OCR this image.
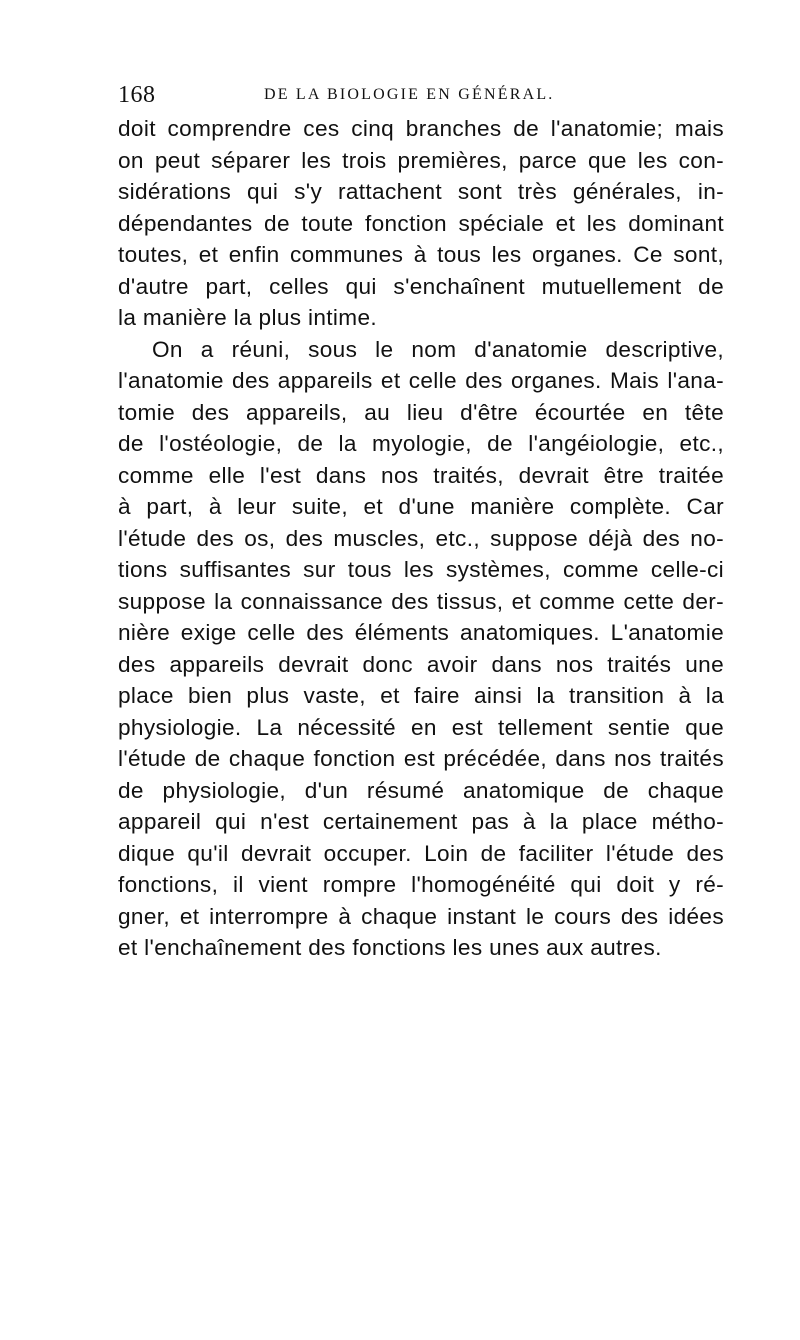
168	DE LA BIOLOGIE EN GÉNÉRAL.
doit comprendre ces cinq branches de l'anatomie; mais
on peut séparer les trois premières, parce que les con-
sidérations qui s'y rattachent sont très générales, in-
dépendantes de toute fonction spéciale et les dominant
toutes, et enfin communes à tous les organes. Ce sont,
d'autre part, celles qui s'enchaînent mutuellement de
la manière la plus intime.
On a réuni, sous le nom d'anatomie descriptive,
l'anatomie des appareils et celle des organes. Mais l'ana-
tomie des appareils, au lieu d'être écourtée en tête
de l'ostéologie, de la myologie, de l'angéiologie, etc.,
comme elle l'est dans nos traités, devrait être traitée
à part, à leur suite, et d'une manière complète. Car
l'étude des os, des muscles, etc., suppose déjà des no-
tions suffisantes sur tous les systèmes, comme celle-ci
suppose la connaissance des tissus, et comme cette der-
nière exige celle des éléments anatomiques. L'anatomie
des appareils devrait donc avoir dans nos traités une
place bien plus vaste, et faire ainsi la transition à la
physiologie. La nécessité en est tellement sentie que
l'étude de chaque fonction est précédée, dans nos traités
de physiologie, d'un résumé anatomique de chaque
appareil qui n'est certainement pas à la place métho-
dique qu'il devrait occuper. Loin de faciliter l'étude des
fonctions, il vient rompre l'homogénéité qui doit y ré-
gner, et interrompre à chaque instant le cours des idées
et l'enchaînement des fonctions les unes aux autres.
